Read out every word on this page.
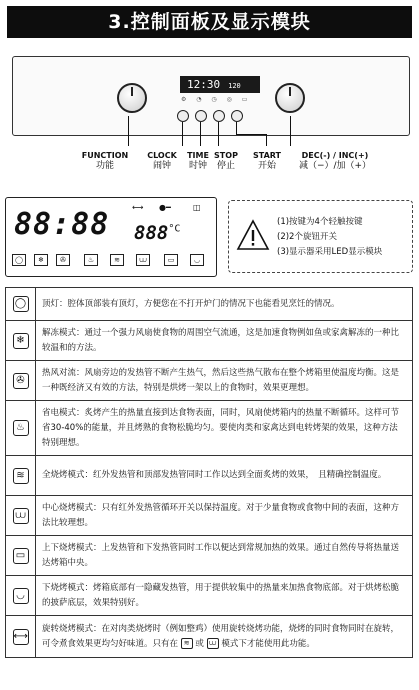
3.控制面板及显示模块
12:30 120
⚙ ◔ ◷ ◎ ▭
FUNCTION
功能
CLOCK
闹钟
TIME
时钟
STOP
停止
START
开始
DEC(-) / INC(+)
减（−）/加（+）
88:88	⟷ ●━	◫
$888^{^\circ C}$
◯	❄	✇	♨	≋	⩊	▭	◡
(1)按键为4个轻触按键
(2)2个旋钮开关
(3)显示器采用LED显示模块
◯	顶灯：腔体顶部装有顶灯，方便您在不打开炉门的情况下也能看见烹饪的情况。
❄	解冻模式：通过一个强力风扇使食物的周围空气流通，这是加速食物例如鱼或家禽解冻的一种比较温和的方法。
✇	热风对流：风扇旁边的发热管不断产生热气，然后这些热气散布在整个烤箱里使温度均衡。这是一种既经济又有效的方法，特别是烘烤一架以上的食物时，效果更理想。
♨	省电模式：炙烤产生的热量直接到达食物表面，同时，风扇使烤箱内的热量不断循环。这样可节省30-40%的能量，并且烤熟的食物松脆均匀。要使肉类和家禽达到电转烤架的效果，这种方法特别理想。
≋	全烧烤模式：红外发热管和顶部发热管同时工作以达到全面炙烤的效果，　且精确控制温度。
⩊	中心烧烤模式：只有红外发热管循环开关以保持温度。对于少量食物或食物中间的表面，这种方法比较理想。
▭	上下烧烤模式：上发热管和下发热管同时工作以便达到常规加热的效果。通过自然传导将热量送达烤箱中央。
◡	下烧烤模式：烤箱底部有一隐藏发热管，用于提供较集中的热量来加热食物底部。对于烘烤松脆的披萨底层，效果特别好。
⟷	旋转烧烤模式：在对肉类烧烤时（例如整鸡）使用旋转烧烤功能，烧烤的同时食物同时在旋转，可令煮食效果更均匀好味道。只有在 ≋ 或 ⩊ 模式下才能使用此功能。
